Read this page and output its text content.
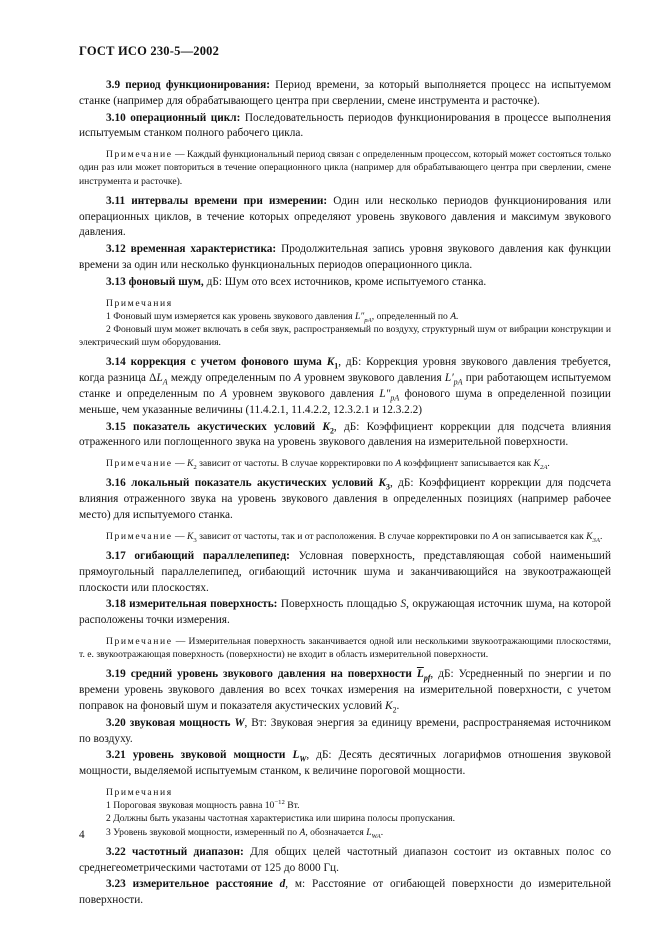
ГОСТ ИСО 230-5—2002

3.9 период функционирования: Период времени, за который выполняется процесс на испытуемом станке (например для обрабатывающего центра при сверлении, смене инструмента и расточке).

3.10 операционный цикл: Последовательность периодов функционирования в процессе выполнения испытуемым станком полного рабочего цикла.

Примечание — Каждый функциональный период связан с определенным процессом, который может состояться только один раз или может повториться в течение операционного цикла (например для обрабатывающего центра при сверлении, смене инструмента и расточке).

3.11 интервалы времени при измерении: Один или несколько периодов функционирования или операционных циклов, в течение которых определяют уровень звукового давления и максимум звукового давления.

3.12 временная характеристика: Продолжительная запись уровня звукового давления как функции времени за один или несколько функциональных периодов операционного цикла.

3.13 фоновый шум, дБ: Шум ото всех источников, кроме испытуемого станка.

Примечания

1 Фоновый шум измеряется как уровень звукового давления $L''_{pA}$, определенный по A.

2 Фоновый шум может включать в себя звук, распространяемый по воздуху, структурный шум от вибрации конструкции и электрический шум оборудования.

3.14 коррекция с учетом фонового шума $K_1$, дБ: Коррекция уровня звукового давления требуется, когда разница $\Delta L_A$ между определенным по A уровнем звукового давления $L'_{pA}$ при работающем испытуемом станке и определенным по A уровнем звукового давления $L''_{pA}$ фонового шума в определенной позиции меньше, чем указанные величины (11.4.2.1, 11.4.2.2, 12.3.2.1 и 12.3.2.2)

3.15 показатель акустических условий $K_2$, дБ: Коэффициент коррекции для подсчета влияния отраженного или поглощенного звука на уровень звукового давления на измерительной поверхности.

Примечание — $K_2$ зависит от частоты. В случае корректировки по A коэффициент записывается как $K_{2A}$.

3.16 локальный показатель акустических условий $K_3$, дБ: Коэффициент коррекции для подсчета влияния отраженного звука на уровень звукового давления в определенных позициях (например рабочее место) для испытуемого станка.

Примечание — $K_3$ зависит от частоты, так и от расположения. В случае корректировки по A он записывается как $K_{3A}$.

3.17 огибающий параллелепипед: Условная поверхность, представляющая собой наименьший прямоугольный параллелепипед, огибающий источник шума и заканчивающийся на звукоотражающей плоскости или плоскостях.

3.18 измерительная поверхность: Поверхность площадью S, окружающая источник шума, на которой расположены точки измерения.

Примечание — Измерительная поверхность заканчивается одной или несколькими звукоотражающими плоскостями, т. е. звукоотражающая поверхность (поверхности) не входит в область измерительной поверхности.

3.19 средний уровень звукового давления на поверхности $\overline{L}_{pf}$, дБ: Усредненный по энергии и по времени уровень звукового давления во всех точках измерения на измерительной поверхности, с учетом поправок на фоновый шум и показателя акустических условий $K_2$.

3.20 звуковая мощность W, Вт: Звуковая энергия за единицу времени, распространяемая источником по воздуху.

3.21 уровень звуковой мощности $L_W$, дБ: Десять десятичных логарифмов отношения звуковой мощности, выделяемой испытуемым станком, к величине пороговой мощности.

Примечания

1 Пороговая звуковая мощность равна $10^{-12}$ Вт.

2 Должны быть указаны частотная характеристика или ширина полосы пропускания.

3 Уровень звуковой мощности, измеренный по A, обозначается $L_{WA}$.

3.22 частотный диапазон: Для общих целей частотный диапазон состоит из октавных полос со среднегеометрическими частотами от 125 до 8000 Гц.

3.23 измерительное расстояние d, м: Расстояние от огибающей поверхности до измерительной поверхности.

4
